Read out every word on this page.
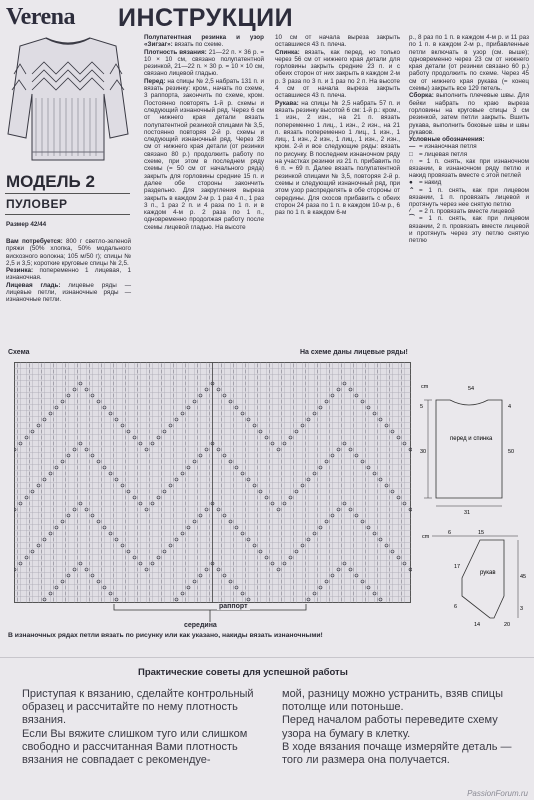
Verena ИНСТРУКЦИИ
МОДЕЛЬ 2
ПУЛОВЕР
Размер 42/44
Вам потребуется: 800 г светло-зеленой пряжи (50% хлопка, 50% модального вискозного волокна; 105 м/50 г); спицы № 2,5 и 3,5; короткие круговые спицы № 2,5.
Резинка: попеременно 1 лицевая, 1 изнаночная.
Лицевая гладь: лицевые ряды — лицевые петли, изнаночные ряды — изнаночные петли.
Полупатентная резинка и узор «Зигзаг»: вязать по схеме.
Плотность вязания: 21—22 п. × 36 р. = 10 × 10 см, связано полупатентной резинкой, 21—22 п. × 30 р. = 10 × 10 см, связано лицевой гладью.
Перед: на спицы № 2,5 набрать 131 п. и вязать резинку: кром., начать по схеме, 3 раппорта, закончить по схеме, кром. Постоянно повторять 1-й р. схемы и следующий изнаночный ряд. Через 6 см от нижнего края детали вязать полупатентной резинкой спицами № 3,5, постоянно повторяя 2-й р. схемы и следующий изнаночный ряд. Через 28 см от нижнего края детали (от резинки связано 80 р.) продолжить работу по схеме, при этом в последнем ряду схемы (= 50 см от начального ряда) закрыть для горловины средние 15 п. и далее обе стороны закончить раздельно. Для закругления выреза закрыть в каждом 2-м р. 1 раз 4 п., 1 раз 3 п., 1 раз 2 п. и 4 раза по 1 п. и в каждом 4-м р. 2 раза по 1 п., одновременно продолжая работу после схемы лицевой гладью. На высоте
10 см от начала выреза закрыть оставшиеся 43 п. плеча.
Спинка: вязать, как перед, но только через 56 см от нижнего края детали для горловины закрыть средние 23 п. и с обеих сторон от них закрыть в каждом 2-м р. 3 раза по 3 п. и 1 раз по 2 п. На высоте 4 см от начала выреза закрыть оставшиеся 43 п. плеча.
Рукава: на спицы № 2,5 набрать 57 п. и вязать резинку высотой 6 см: 1-й р.: кром., 1 изн., 2 изн., на 21 п. вязать попеременно 1 лиц., 1 изн., 2 изн., на 21 п. вязать попеременно 1 лиц., 1 изн., 1 лиц., 1 изн., 2 изн., 1 лиц., 1 изн., 2 изн., кром. 2-й и все следующие ряды: вязать по рисунку. В последнем изнаночном ряду на участках резинки из 21 п. прибавить по 6 п. = 69 п. Далее вязать полупатентной резинкой спицами № 3,5, повторяя 2-й р. схемы и следующий изнаночный ряд, при этом узор распределять в обе стороны от середины. Для скосов прибавить с обеих сторон 24 раза по 1 п. в каждом 10-м р., 6 раз по 1 п. в каждом 6-м
р., 8 раз по 1 п. в каждом 4-м р. и 11 раз по 1 п. в каждом 2-м р., прибавленные петли включать в узор (см. выше); одновременно через 23 см от нижнего края детали (от резинки связано 60 р.) работу продолжить по схеме. Через 45 см от нижнего края рукава (= конец схемы) закрыть все 129 петель.
Сборка: выполнить плечевые швы. Для бейки набрать по краю выреза горловины на круговые спицы 3 см резинкой, затем петли закрыть. Вшить рукава, выполнить боковые швы и швы рукавов.
Условные обозначения:
— = изнаночная петля
□ = лицевая петля
∩ = 1 п. снять, как при изнаночном вязании, в изнаночном ряду петлю и накид провязать вместе с этой петлей
● = накид
⌃ = 1 п. снять, как при лицевом вязании, 1 п. провязать лицевой и протянуть через нее снятую петлю
⁄ = 2 п. провязать вместе лицевой
⁀ = 1 п. снять, как при лицевом вязании, 2 п. провязать вместе лицевой и протянуть через эту петлю снятую петлю
Схема	На схеме даны лицевые ряды!
раппорт
середина
В изнаночных рядах петли вязать по рисунку или как указано, накиды вязать изнаночными!
cm
5
30	50
4
31
54
перед и спинка
cm
6
17
45
15
3
14
6
20
рукав
Практические советы для успешной работы
Приступая к вязанию, сделайте контрольный образец и рассчитайте по нему плотность вязания.
Если Вы вяжите слишком туго или слишком свободно и рассчитанная Вами плотность вязания не совпадает с рекомендуе-
мой, разницу можно устранить, взяв спицы потолще или потоньше.
Перед началом работы переведите схему узора на бумагу в клетку.
В ходе вязания почаще измеряйте деталь — того ли размера она получается.
PassionForum.ru
